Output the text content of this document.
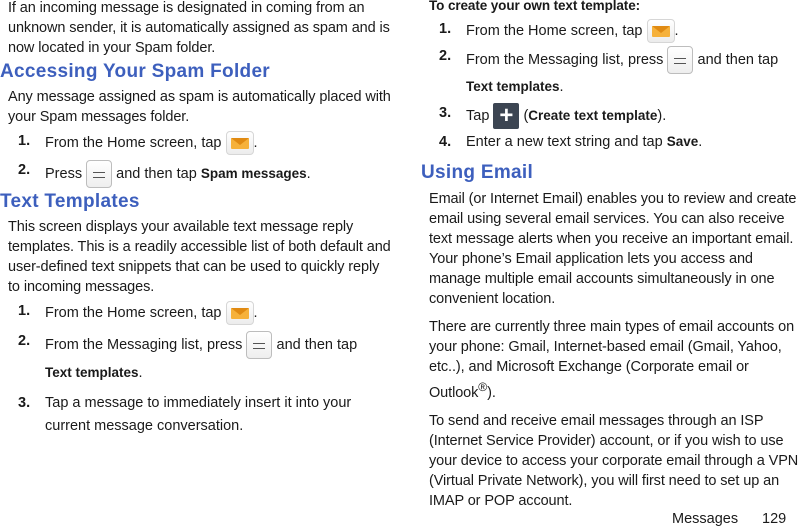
If an incoming message is designated in coming from an unknown sender, it is automatically assigned as spam and is now located in your Spam folder.

Accessing Your Spam Folder

Any message assigned as spam is automatically placed with your Spam messages folder.

1. From the Home screen, tap .
2. Press and then tap Spam messages.
Text Templates

This screen displays your available text message reply templates. This is a readily accessible list of both default and user-defined text snippets that can be used to quickly reply to incoming messages.

1. From the Home screen, tap .
2. From the Messaging list, press and then tap
Text templates.
3. Tap a message to immediately insert it into your current message conversation.

To create your own text template:

1. From the Home screen, tap .
2. From the Messaging list, press and then tap
Text templates.
3. Tap + (Create text template).
4. Enter a new text string and tap Save.
Using Email

Email (or Internet Email) enables you to review and create email using several email services. You can also receive text message alerts when you receive an important email. Your phone’s Email application lets you access and manage multiple email accounts simultaneously in one convenient location.

There are currently three main types of email accounts on your phone: Gmail, Internet-based email (Gmail, Yahoo, etc..), and Microsoft Exchange (Corporate email or Outlook®).

To send and receive email messages through an ISP (Internet Service Provider) account, or if you wish to use your device to access your corporate email through a VPN (Virtual Private Network), you will first need to set up an IMAP or POP account.

Messages 129
